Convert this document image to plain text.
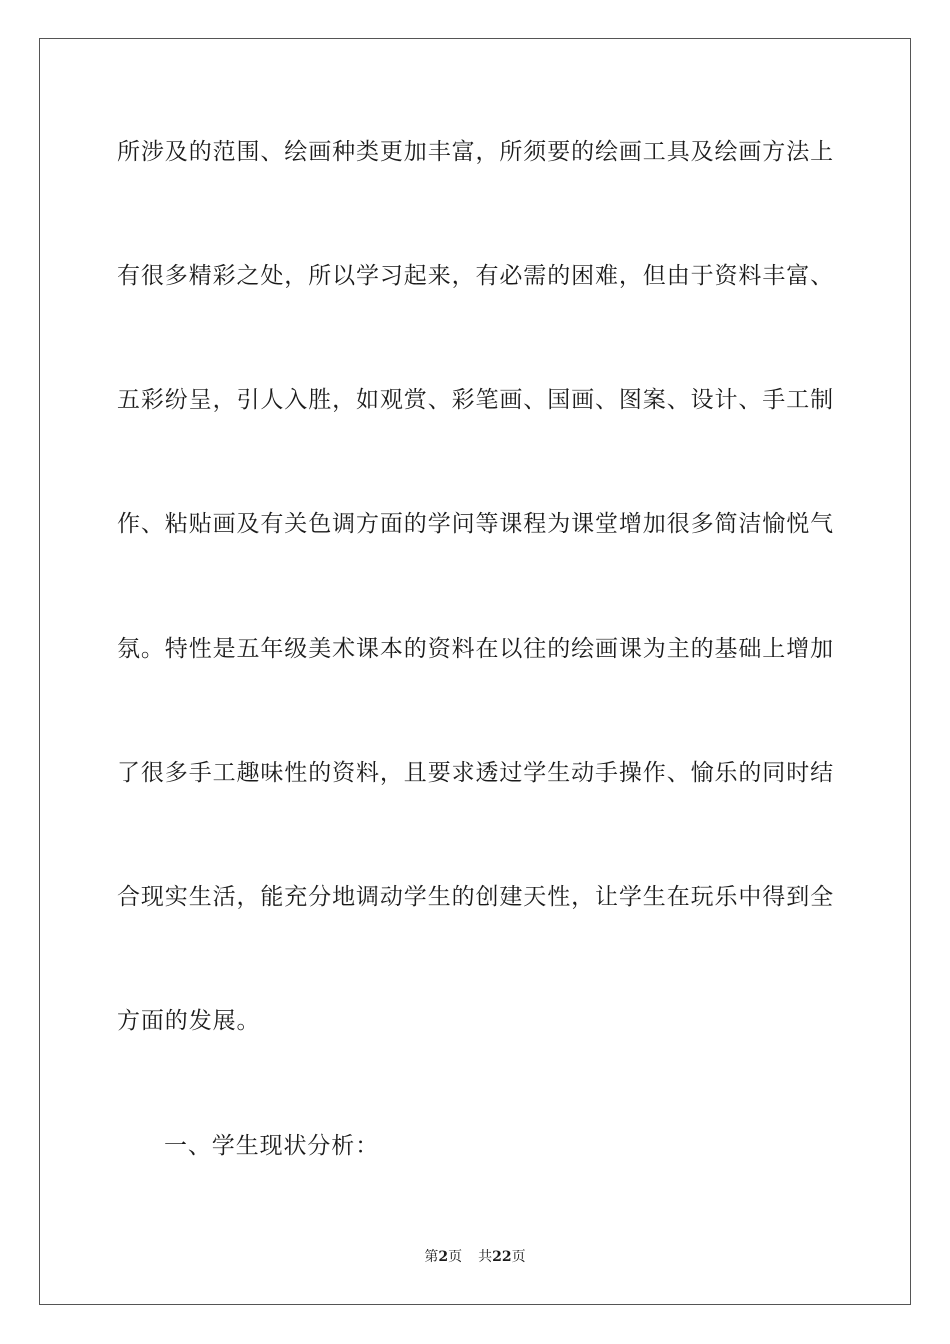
所涉及的范围、绘画种类更加丰富，所须要的绘画工具及绘画方法上
有很多精彩之处，所以学习起来，有必需的困难，但由于资料丰富、
五彩纷呈，引人入胜，如观赏、彩笔画、国画、图案、设计、手工制
作、粘贴画及有关色调方面的学问等课程为课堂增加很多简洁愉悦气
氛。特性是五年级美术课本的资料在以往的绘画课为主的基础上增加
了很多手工趣味性的资料，且要求透过学生动手操作、愉乐的同时结
合现实生活，能充分地调动学生的创建天性，让学生在玩乐中得到全
方面的发展。
一、学生现状分析：
第2页 共22页
